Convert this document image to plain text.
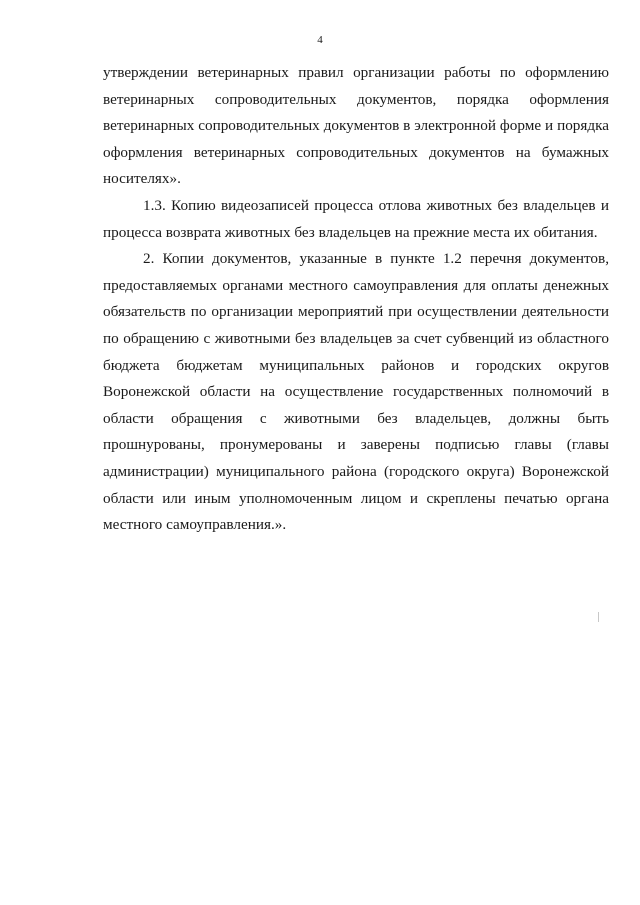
4

утверждении ветеринарных правил организации работы по оформлению ветеринарных сопроводительных документов, порядка оформления ветеринарных сопроводительных документов в электронной форме и порядка оформления ветеринарных сопроводительных документов на бумажных носителях».

1.3. Копию видеозаписей процесса отлова животных без владельцев и процесса возврата животных без владельцев на прежние места их обитания.

2. Копии документов, указанные в пункте 1.2 перечня документов, предоставляемых органами местного самоуправления для оплаты денежных обязательств по организации мероприятий при осуществлении деятельности по обращению с животными без владельцев за счет субвенций из областного бюджета бюджетам муниципальных районов и городских округов Воронежской области на осуществление государственных полномочий в области обращения с животными без владельцев, должны быть прошнурованы, пронумерованы и заверены подписью главы (главы администрации) муниципального района (городского округа) Воронежской области или иным уполномоченным лицом и скреплены печатью органа местного самоуправления.».
